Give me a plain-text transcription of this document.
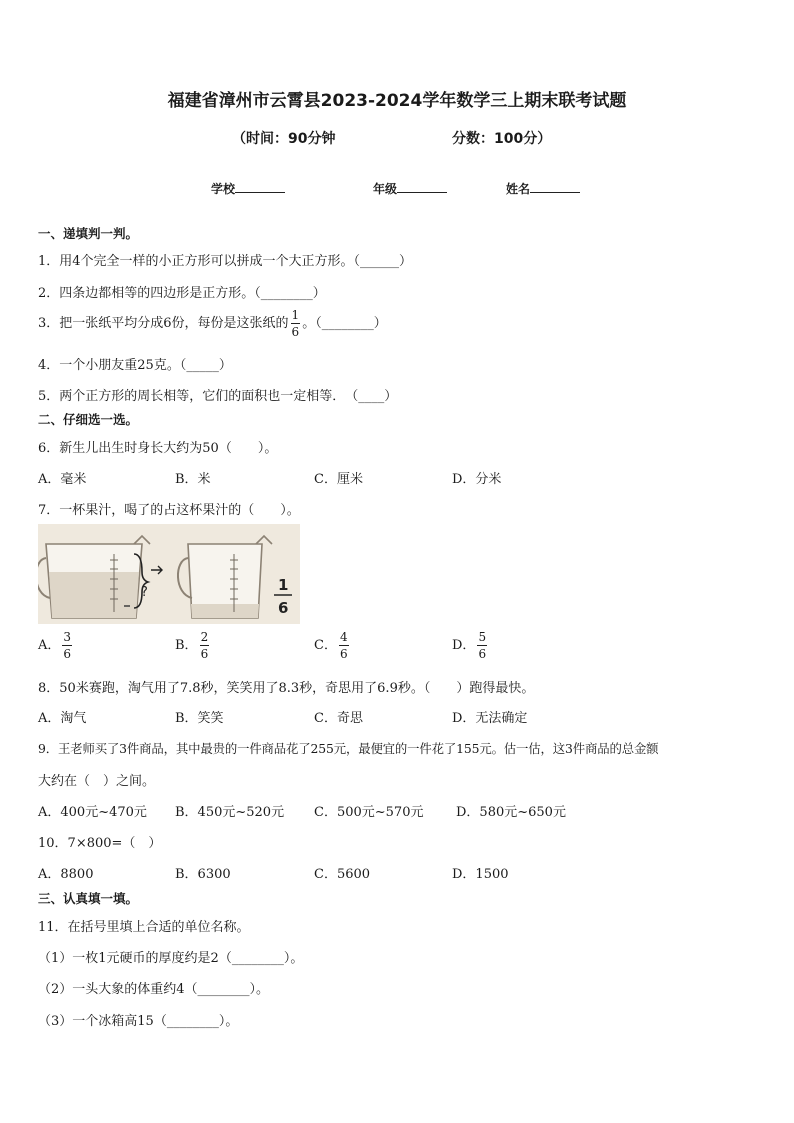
福建省漳州市云霄县2023-2024学年数学三上期末联考试题
（时间：90分钟	分数：100分）
学校	年级	姓名
一、递填判一判。
1．用4个完全一样的小正方形可以拼成一个大正方形。（______）
2．四条边都相等的四边形是正方形。（________）
3．把一张纸平均分成6份，每份是这张纸的 $\frac{1}{6}$ 。（________）
4．一个小朋友重25克。（_____）
5．两个正方形的周长相等，它们的面积也一定相等．　（____）
二、仔细选一选。
6．新生儿出生时身长大约为50（　　）。
A．毫米	B．米	C．厘米	D．分米
7．一杯果汁，喝了的占这杯果汁的（　　）。
?	1
6
A． $\frac{3}{6}$	B． $\frac{2}{6}$	C． $\frac{4}{6}$	D． $\frac{5}{6}$
8．50米赛跑，淘气用了7.8秒，笑笑用了8.3秒，奇思用了6.9秒。（　　）跑得最快。
A．淘气	B．笑笑	C．奇思	D．无法确定
9．王老师买了3件商品，其中最贵的一件商品花了255元，最便宜的一件花了155元。估一估，这3件商品的总金额
大约在（　）之间。
A．400元~470元 B．450元~520元 C．500元~570元	D．580元~650元
10．7×800=（　）
A．8800	B．6300	C．5600	D．1500
三、认真填一填。
11．在括号里填上合适的单位名称。
（1）一枚1元硬币的厚度约是2（________）。
（2）一头大象的体重约4（________）。
（3）一个冰箱高15（________）。
